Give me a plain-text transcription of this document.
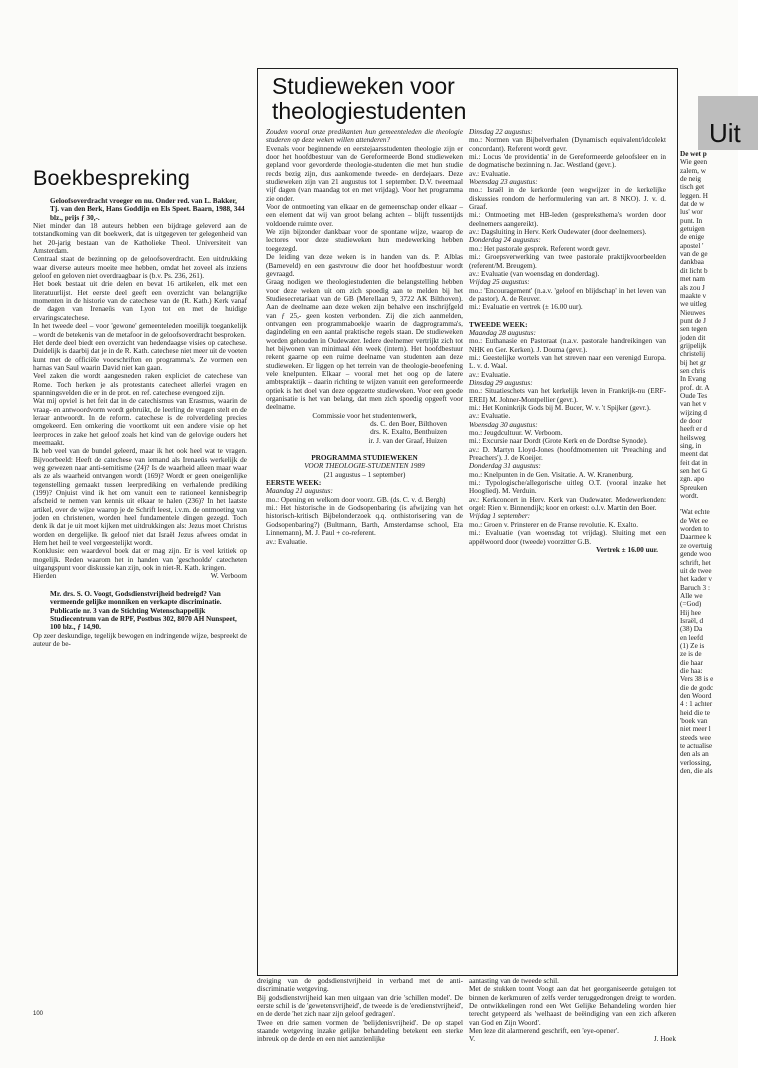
Boekbespreking

Geloofsoverdracht vroeger en nu. Onder red. van L. Bakker, Tj. van den Berk, Hans Goddijn en Els Speet. Baarn, 1988, 344 blz., prijs ƒ 30,-.

Niet minder dan 18 auteurs hebben een bijdrage geleverd aan de totstandkoming van dit boekwerk, dat is uitgegeven ter gelegenheid van het 20-jarig bestaan van de Katholieke Theol. Universiteit van Amsterdam.

Centraal staat de bezinning op de geloofsoverdracht. Een uitdrukking waar diverse auteurs moeite mee hebben, omdat het zoveel als inziens geloof en geloven niet overdraagbaar is (b.v. Ps. 236, 261).

Het boek bestaat uit drie delen en bevat 16 artikelen, elk met een literatuurlijst. Het eerste deel geeft een overzicht van belangrijke momenten in de historie van de catechese van de (R. Kath.) Kerk vanaf de dagen van Irenaeüs van Lyon tot en met de huidige ervaringscatechese.

In het tweede deel – voor 'gewone' gemeenteleden moeilijk toegankelijk – wordt de betekenis van de metafoor in de geloofsoverdracht besproken.

Het derde deel biedt een overzicht van hedendaagse visies op catechese. Duidelijk is daarbij dat je in de R. Kath. catechese niet meer uit de voeten kunt met de officiële voorschriften en programma's. Ze vormen een harnas van Saul waarin David niet kan gaan.

Veel zaken die wordt aangesneden raken expliciet de catechese van Rome. Toch herken je als protestants catecheet allerlei vragen en spanningsvelden die er in de prot. en ref. catechese evengoed zijn.

Wat mij opviel is het feit dat in de catechismus van Erasmus, waarin de vraag- en antwoordvorm wordt gebruikt, de leerling de vragen stelt en de leraar antwoordt. In de reform. catechese is de rolverdeling precies omgekeerd. Een omkering die voortkomt uit een andere visie op het leerproces in zake het geloof zoals het kind van de gelovige ouders het meemaakt.

Ik heb veel van de bundel geleerd, maar ik het ook heel wat te vragen. Bijvoorbeeld: Heeft de catechese van iemand als Irenaeüs werkelijk de weg gewezen naar anti-semitisme (24)? Is de waarheid alleen maar waar als ze als waarheid ontvangen wordt (169)? Wordt er geen oneigenlijke tegenstelling gemaakt tussen leerprediking en verhalende prediking (199)? Onjuist vind ik het om vanuit een te rationeel kennisbegrip afscheid te nemen van kennis uit elkaar te halen (236)? In het laatste artikel, over de wijze waarop je de Schrift leest, i.v.m. de ontmoeting van joden en christenen, worden heel fundamentele dingen gezegd. Toch denk ik dat je uit moet kijken met uitdrukkingen als: Jezus moet Christus worden en dergelijke. Ik geloof niet dat Israël Jezus afwees omdat in Hem het heil te veel vergeestelijkt wordt.

Konklusie: een waardevol boek dat er mag zijn. Er is veel kritiek op mogelijk. Reden waarom het in handen van 'geschoolde' catecheten uitgangspunt voor diskussie kan zijn, ook in niet-R. Kath. kringen.

Hierden	W. Verboom

Mr. drs. S. O. Voogt, Godsdienstvrijheid bedreigd? Van vermeende gelijke monniken en verkapte discriminatie. Publicatie nr. 3 van de Stichting Wetenschappelijk Studiecentrum van de RPF, Postbus 302, 8070 AH Nunspeet, 100 blz., ƒ 14,90.

Op zeer deskundige, tegelijk bewogen en indringende wijze, bespreekt de auteur de be-

Studieweken voor
theologiestudenten

Zouden vooral onze predikanten hun gemeenteleden die theologie studeren op deze weken willen attenderen?

Evenals voor beginnende en eerstejaarsstudenten theologie zijn er door het hoofdbestuur van de Gereformeerde Bond studieweken gepland voor gevorderde theologie-studenten die met hun studie recds bezig zijn, dus aankomende tweede- en derdejaars. Deze studieweken zijn van 21 augustus tot 1 september. D.V. tweemaal vijf dagen (van maandag tot en met vrijdag). Voor het programma zie onder.

Voor de ontmoeting van elkaar en de gemeenschap onder elkaar – een element dat wij van groot belang achten – blijft tussentijds voldoende ruimte over.

We zijn bijzonder dankbaar voor de spontane wijze, waarop de lectores voor deze studieweken hun medewerking hebben toegezegd.

De leiding van deze weken is in handen van ds. P. Alblas (Barneveld) en een gastvrouw die door het hoofdbestuur wordt gevraagd.

Graag nodigen we theologiestudenten die belangstelling hebben voor deze weken uit om zich spoedig aan te melden bij het Studiesecretariaat van de GB (Merellaan 9, 3722 AK Bilthoven). Aan de deelname aan deze weken zijn behalve een inschrijfgeld van ƒ 25,- geen kosten verbonden. Zij die zich aanmelden, ontvangen een programmaboekje waarin de dagprogramma's, dagindeling en een aantal praktische regels staan. De studieweken worden gehouden in Oudewater. Iedere deelnemer vertrijkt zich tot het bijwonen van minimaal één week (intern). Het hoofdbestuur rekent gaarne op een ruime deelname van studenten aan deze studieweken. Er liggen op het terrein van de theologie-beoefening vele knelpunten. Elkaar – vooral met het oog op de latere ambtspraktijk – daarin richting te wijzen vanuit een gereformeerde optiek is het doel van deze opgezette studieweken. Voor een goede organisatie is het van belang, dat men zich spoedig opgeeft voor deelname.

Commissie voor het studentenwerk,

ds. C. den Boer, Bilthoven

drs. K. Exalto, Benthuizen

ir. J. van der Graaf, Huizen

PROGRAMMA STUDIEWEKEN

VOOR THEOLOGIE-STUDENTEN 1989

(21 augustus – 1 september)

EERSTE WEEK:

Maandag 21 augustus:

mo.: Opening en welkom door voorz. GB. (ds. C. v. d. Bergh)

mi.: Het historische in de Godsopenbaring (is afwijzing van het historisch-kritisch Bijbelonderzoek q.q. onthistorisering van de Godsopenbaring?) (Bultmann, Barth, Amsterdamse school, Eta Linnemann), M. J. Paul + co-referent.

av.: Evaluatie.

Dinsdag 22 augustus:

mo.: Normen van Bijbelverhalen (Dynamisch equivalent/idcolekt concordant). Referent wordt gevr.

mi.: Locus 'de providentia' in de Gereformeerde geloofsleer en in de dogmatische bezinning n. Jac. Westland (gevr.).

av.: Evaluatie.

Woensdag 23 augustus:

mo.: Israël in de kerkorde (een wegwijzer in de kerkelijke diskussies rondom de herformulering van art. 8 NKO). J. v. d. Graaf.

mi.: Ontmoeting met HB-leden (gespreksthema's worden door deelnemers aangereikt).

av.: Dagsluiting in Herv. Kerk Oudewater (door deelnemers).

Donderdag 24 augustus:

mo.: Het pastorale gesprek. Referent wordt gevr.

mi.: Groepsverwerking van twee pastorale praktijkvoorbeelden (referent/M. Breugem).

av.: Evaluatie (van woensdag en donderdag).

Vrijdag 25 augustus:

mo.: 'Encouragement' (n.a.v. 'geloof en blijdschap' in het leven van de pastor). A. de Reuver.

mi.: Evaluatie en vertrek (± 16.00 uur).

TWEEDE WEEK:

Maandag 28 augustus:

mo.: Euthanasie en Pastoraat (n.a.v. pastorale handreikingen van NHK en Ger. Kerken). J. Douma (gevr.).

mi.: Geestelijke wortels van het streven naar een verenigd Europa. L. v. d. Waal.

av.: Evaluatie.

Dinsdag 29 augustus:

mo.: Situatieschets van het kerkelijk leven in Frankrijk-nu (ERF-EREI) M. Johner-Montpellier (gevr.).

mi.: Het Koninkrijk Gods bij M. Bucer, W. v. 't Spijker (gevr.).

av.: Evaluatie.

Woensdag 30 augustus:

mo.: Jeugdcultuur. W. Verboom.

mi.: Excursie naar Dordt (Grote Kerk en de Dordtse Synode).

av.: D. Martyn Lloyd-Jones (hoofdmomenten uit 'Preaching and Preachers'). J. de Koeijer.

Donderdag 31 augustus:

mo.: Knelpunten in de Gen. Visitatie. A. W. Kranenburg.

mi.: Typologische/allegorische uitleg O.T. (vooral inzake het Hooglied). M. Verduin.

av.: Kerkconcert in Herv. Kerk van Oudewater. Medewerkenden: orgel: Rien v. Binnendijk; koor en orkest: o.l.v. Martin den Boer.

Vrijdag 1 september:

mo.: Groen v. Prinsterer en de Franse revolutie. K. Exalto.

mi.: Evaluatie (van woensdag tot vrijdag). Sluiting met een appèlwoord door (tweede) voorzitter G.B.

Vertrek ± 16.00 uur.

dreiging van de godsdienstvrijheid in verband met de anti-discriminatie wetgeving.

Bij godsdienstvrijheid kan men uitgaan van drie 'schillen model'. De eerste schil is de 'gewetensvrijheid', de tweede is de 'eredienstvrijheid', en de derde 'het zich naar zijn geloof gedragen'.

Twee en drie samen vormen de 'belijdenisvrijheid'. De op stapel staande wetgeving inzake gelijke behandeling betekent een sterke inbreuk op de derde en een niet aanzienlijke

aantasting van de tweede schil.

Met de stukken toont Voogt aan dat het georganiseerde getuigen tot binnen de kerkmuren of zelfs verder teruggedrongen dreigt te worden. De ontwikkelingen rond een Wet Gelijke Behandeling worden hier terecht getypeerd als 'welhaast de beëindiging van een zich afkeren van God en Zijn Woord'.

Men leze dit alarmerend geschrift, een 'eye-opener'.

V.	J. Hoek
100
Uit

De wet p

Wie geen

zalem, w

de neig

tisch get

leggen. H

dat de w

lus' wor

punt. In

getuigen

de enige

apostel '

van de ge

dankbaa

dit licht b

met nam

als zou J

maakte v

we uitleg

Nieuwes

punt de J

sen tegen

joden dit

grijpelijk

christelij

bij het gr

sen chris

In Evang

prof. dr. A

Oude Tes

van het v

wijzing d

de door

heeft er d

heilsweg

sing, in

meent dat

feit dat in

sen het G

zgn. apo

Spreuken

wordt.

'Wat echte

de Wet ee

worden to

Daarmee k

ze overtuig

gende woo

schrift, het

uit de twee

het kader v

Baruch 3 :

Alle we

(=God)

Hij hee

Israël, d

(38) Da

en leefd

(1) Ze is

ze is de

die haar

die haa:

Vers 38 is e

die de godc

den Woord

4 : 1 achter

heid die te

'boek van

niet meer l

steeds wee

te actualise

den als an

verlossing,

den, die als
